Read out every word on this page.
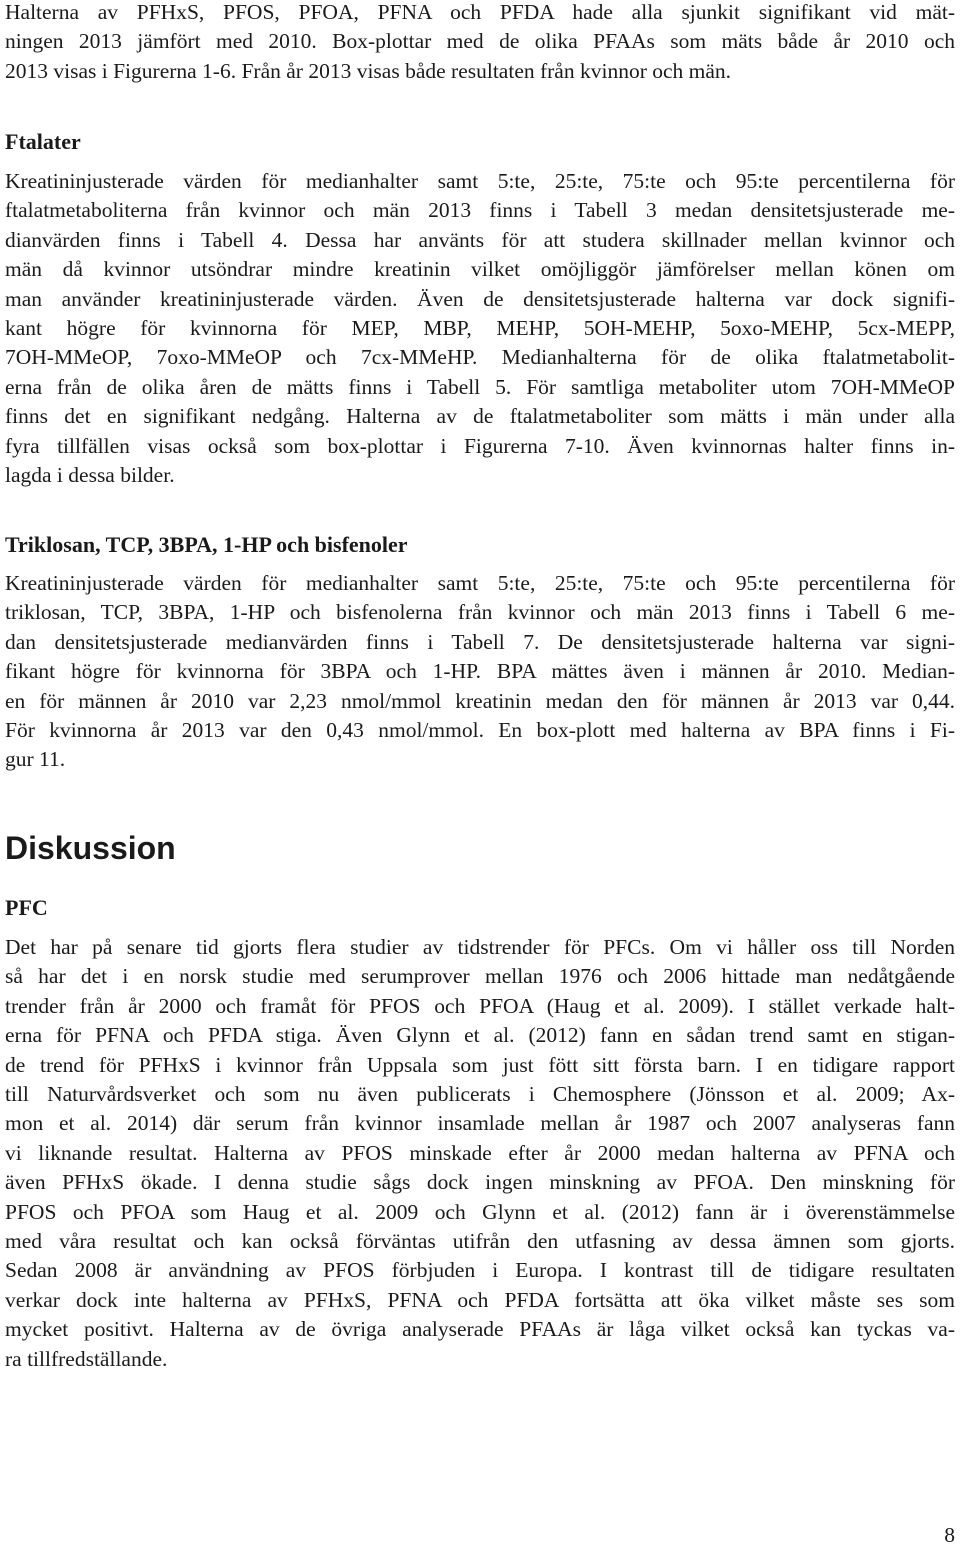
Halterna av PFHxS, PFOS, PFOA, PFNA och PFDA hade alla sjunkit signifikant vid mät-
ningen 2013 jämfört med 2010. Box-plottar med de olika PFAAs som mäts både år 2010 och
2013 visas i Figurerna 1-6. Från år 2013 visas både resultaten från kvinnor och män.
Ftalater
Kreatininjusterade värden för medianhalter samt 5:te, 25:te, 75:te och 95:te percentilerna för
ftalatmetaboliterna från kvinnor och män 2013 finns i Tabell 3 medan densitetsjusterade me-
dianvärden finns i Tabell 4. Dessa har använts för att studera skillnader mellan kvinnor och
män då kvinnor utsöndrar mindre kreatinin vilket omöjliggör jämförelser mellan könen om
man använder kreatininjusterade värden. Även de densitetsjusterade halterna var dock signifi-
kant högre för kvinnorna för MEP, MBP, MEHP, 5OH-MEHP, 5oxo-MEHP, 5cx-MEPP,
7OH-MMeOP, 7oxo-MMeOP och 7cx-MMeHP. Medianhalterna för de olika ftalatmetabolit-
erna från de olika åren de mätts finns i Tabell 5. För samtliga metaboliter utom 7OH-MMeOP
finns det en signifikant nedgång. Halterna av de ftalatmetaboliter som mätts i män under alla
fyra tillfällen visas också som box-plottar i Figurerna 7-10. Även kvinnornas halter finns in-
lagda i dessa bilder.
Triklosan, TCP, 3BPA, 1-HP och bisfenoler
Kreatininjusterade värden för medianhalter samt 5:te, 25:te, 75:te och 95:te percentilerna för
triklosan, TCP, 3BPA, 1-HP och bisfenolerna från kvinnor och män 2013 finns i Tabell 6 me-
dan densitetsjusterade medianvärden finns i Tabell 7. De densitetsjusterade halterna var signi-
fikant högre för kvinnorna för 3BPA och 1-HP. BPA mättes även i männen år 2010. Median-
en för männen år 2010 var 2,23 nmol/mmol kreatinin medan den för männen år 2013 var 0,44.
För kvinnorna år 2013 var den 0,43 nmol/mmol. En box-plott med halterna av BPA finns i Fi-
gur 11.
Diskussion
PFC
Det har på senare tid gjorts flera studier av tidstrender för PFCs. Om vi håller oss till Norden
så har det i en norsk studie med serumprover mellan 1976 och 2006 hittade man nedåtgående
trender från år 2000 och framåt för PFOS och PFOA (Haug et al. 2009). I stället verkade halt-
erna för PFNA och PFDA stiga. Även Glynn et al. (2012) fann en sådan trend samt en stigan-
de trend för PFHxS i kvinnor från Uppsala som just fött sitt första barn. I en tidigare rapport
till Naturvårdsverket och som nu även publicerats i Chemosphere (Jönsson et al. 2009; Ax-
mon et al. 2014) där serum från kvinnor insamlade mellan år 1987 och 2007 analyseras fann
vi liknande resultat. Halterna av PFOS minskade efter år 2000 medan halterna av PFNA och
även PFHxS ökade. I denna studie sågs dock ingen minskning av PFOA. Den minskning för
PFOS och PFOA som Haug et al. 2009 och Glynn et al. (2012) fann är i överenstämmelse
med våra resultat och kan också förväntas utifrån den utfasning av dessa ämnen som gjorts.
Sedan 2008 är användning av PFOS förbjuden i Europa. I kontrast till de tidigare resultaten
verkar dock inte halterna av PFHxS, PFNA och PFDA fortsätta att öka vilket måste ses som
mycket positivt. Halterna av de övriga analyserade PFAAs är låga vilket också kan tyckas va-
ra tillfredställande.
8
